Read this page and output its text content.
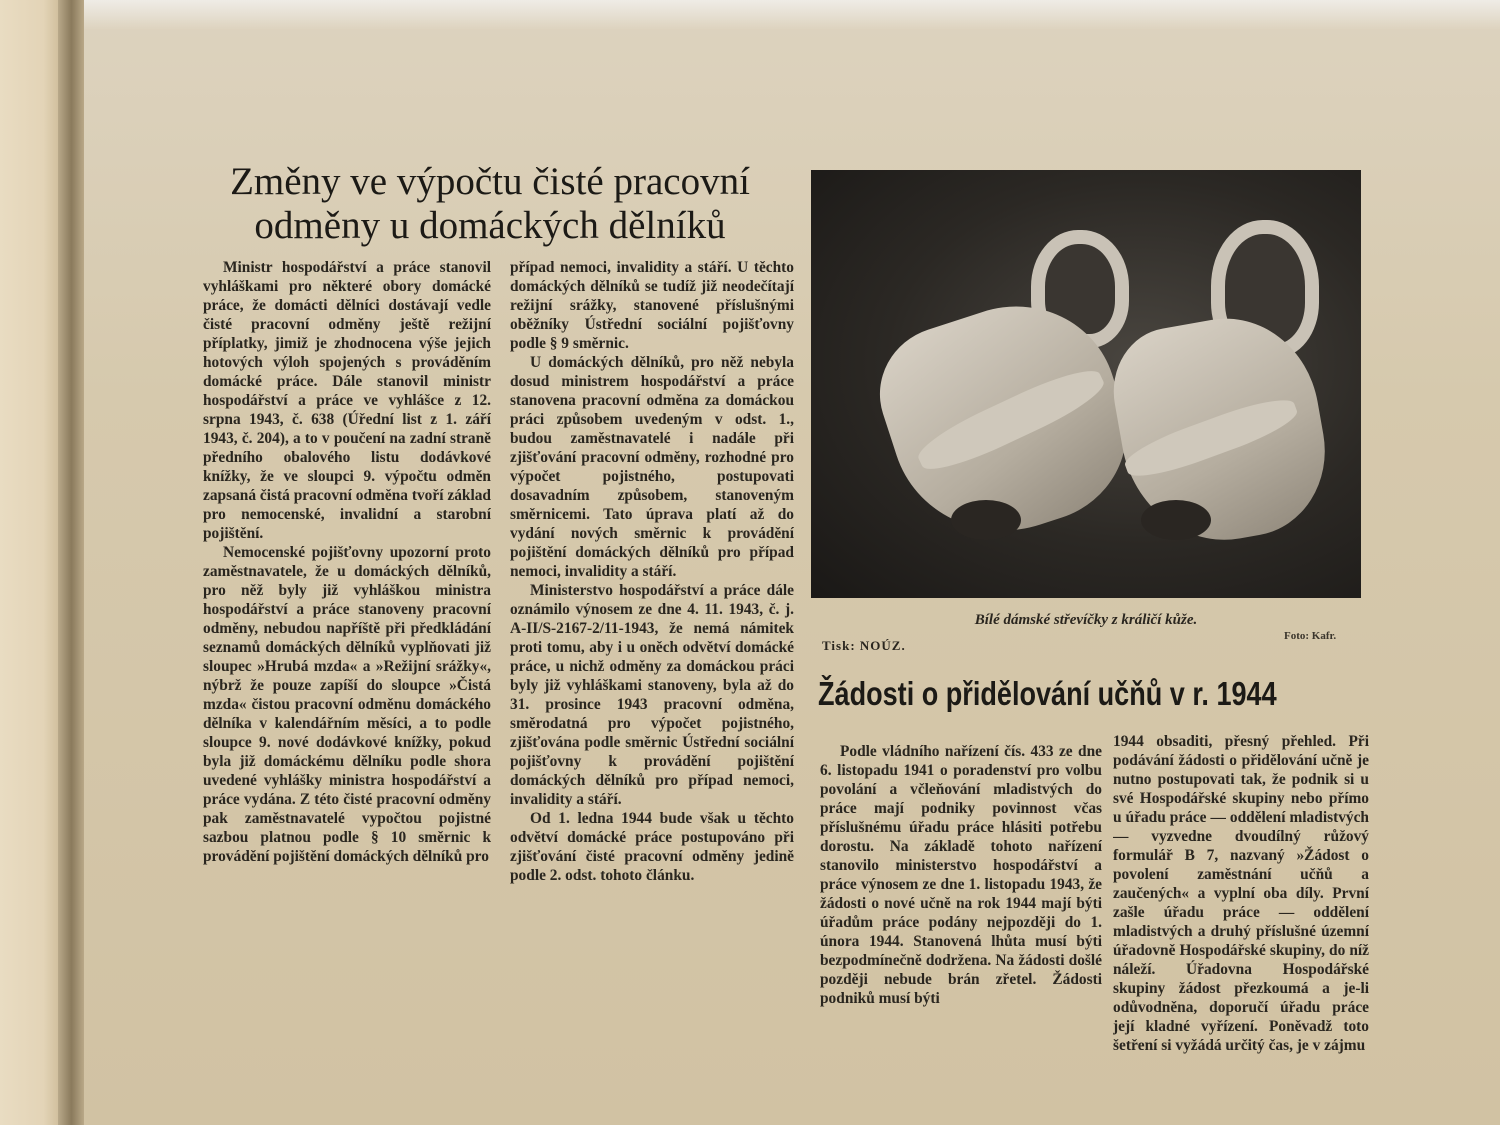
Změny ve výpočtu čisté pracovní odměny u domáckých dělníků

Ministr hospodářství a práce stanovil vyhláškami pro některé obory domácké práce, že domácti dělníci dostávají vedle čisté pracovní odměny ještě režijní příplatky, jimiž je zhodnocena výše jejich hotových výloh spojených s prováděním domácké práce. Dále stanovil ministr hospodářství a práce ve vyhlášce z 12. srpna 1943, č. 638 (Úřední list z 1. září 1943, č. 204), a to v poučení na zadní straně předního obalového listu dodávkové knížky, že ve sloupci 9. výpočtu odměn zapsaná čistá pracovní odměna tvoří základ pro nemocenské, invalidní a starobní pojištění.

Nemocenské pojišťovny upozorní proto zaměstnavatele, že u domáckých dělníků, pro něž byly již vyhláškou ministra hospodářství a práce stanoveny pracovní odměny, nebudou napříště při předkládání seznamů domáckých dělníků vyplňovati již sloupec »Hrubá mzda« a »Režijní srážky«, nýbrž že pouze zapíší do sloupce »Čistá mzda« čistou pracovní odměnu domáckého dělníka v kalendářním měsíci, a to podle sloupce 9. nové dodávkové knížky, pokud byla již domáckému dělníku podle shora uvedené vyhlášky ministra hospodářství a práce vydána. Z této čisté pracovní odměny pak zaměstnavatelé vypočtou pojistné sazbou platnou podle § 10 směrnic k provádění pojištění domáckých dělníků pro

případ nemoci, invalidity a stáří. U těchto domáckých dělníků se tudíž již neodečítají režijní srážky, stanovené příslušnými oběžníky Ústřední sociální pojišťovny podle § 9 směrnic.

U domáckých dělníků, pro něž nebyla dosud ministrem hospodářství a práce stanovena pracovní odměna za domáckou práci způsobem uvedeným v odst. 1., budou zaměstnavatelé i nadále při zjišťování pracovní odměny, rozhodné pro výpočet pojistného, postupovati dosavadním způsobem, stanoveným směrnicemi. Tato úprava platí až do vydání nových směrnic k provádění pojištění domáckých dělníků pro případ nemoci, invalidity a stáří.

Ministerstvo hospodářství a práce dále oznámilo výnosem ze dne 4. 11. 1943, č. j. A-II/S-2167-2/11-1943, že nemá námitek proti tomu, aby i u oněch odvětví domácké práce, u nichž odměny za domáckou práci byly již vyhláškami stanoveny, byla až do 31. prosince 1943 pracovní odměna, směrodatná pro výpočet pojistného, zjišťována podle směrnic Ústřední sociální pojišťovny k provádění pojištění domáckých dělníků pro případ nemoci, invalidity a stáří.

Od 1. ledna 1944 bude však u těchto odvětví domácké práce postupováno při zjišťování čisté pracovní odměny jedině podle 2. odst. tohoto článku.

Bílé dámské střevíčky z králičí kůže.
Foto: Kafr.
Tisk: NOÚZ.
Žádosti o přidělování učňů v r. 1944

Podle vládního nařízení čís. 433 ze dne 6. listopadu 1941 o poradenství pro volbu povolání a včleňování mladistvých do práce mají podniky povinnost včas příslušnému úřadu práce hlásiti potřebu dorostu. Na základě tohoto nařízení stanovilo ministerstvo hospodářství a práce výnosem ze dne 1. listopadu 1943, že žádosti o nové učně na rok 1944 mají býti úřadům práce podány nejpozději do 1. února 1944. Stanovená lhůta musí býti bezpodmínečně dodržena. Na žádosti došlé později nebude brán zřetel. Žádosti podniků musí býti

1944 obsaditi, přesný přehled. Při podávání žádosti o přidělování učně je nutno postupovati tak, že podnik si u své Hospodářské skupiny nebo přímo u úřadu práce — oddělení mladistvých — vyzvedne dvoudílný růžový formulář B 7, nazvaný »Žádost o povolení zaměstnání učňů a zaučených« a vyplní oba díly. První zašle úřadu práce — oddělení mladistvých a druhý příslušné územní úřadovně Hospodářské skupiny, do níž náleží. Úřadovna Hospodářské skupiny žádost přezkoumá a je-li odůvodněna, doporučí úřadu práce její kladné vyřízení. Poněvadž toto šetření si vyžádá určitý čas, je v zájmu
